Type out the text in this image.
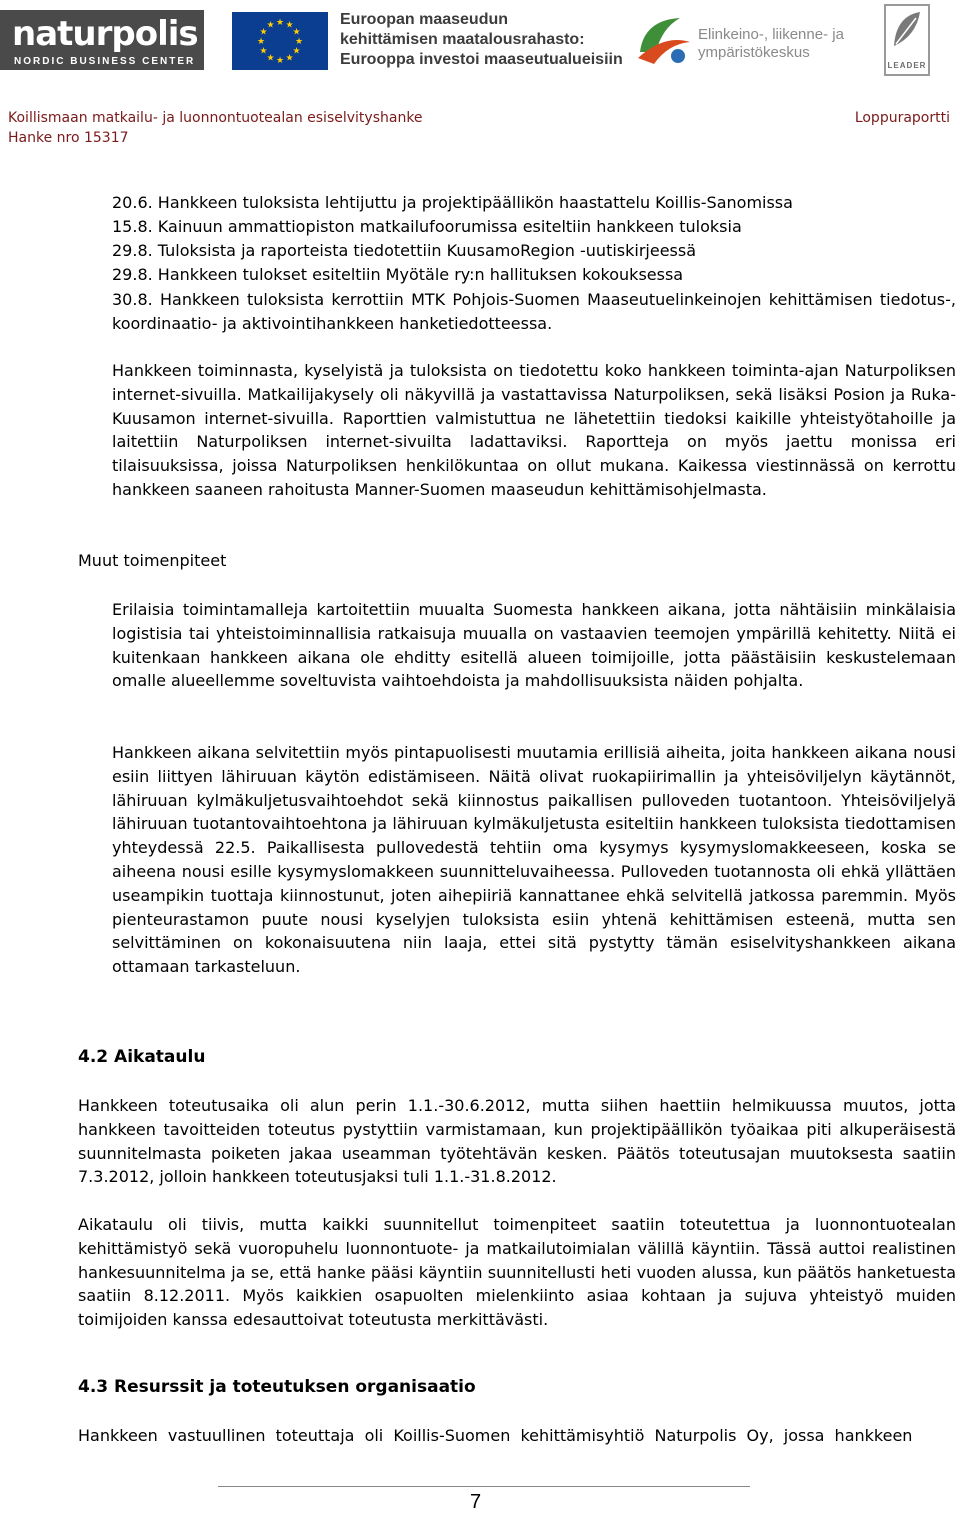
naturpolis
NORDIC BUSINESS CENTER
★ ★
★
★
★
★
★
★
★
★
★
★	Euroopan maaseudun
kehittämisen maatalousrahasto:
Eurooppa investoi maaseutualueisiin
Elinkeino-, liikenne- ja
ympäristökeskus
LEADER
Koillismaan matkailu- ja luonnontuotealan esiselvityshanke
Hanke nro 15317
Loppuraportti
20.6. Hankkeen tuloksista lehtijuttu ja projektipäällikön haastattelu Koillis-Sanomissa
15.8. Kainuun ammattiopiston matkailufoorumissa esiteltiin hankkeen tuloksia
29.8. Tuloksista ja raporteista tiedotettiin KuusamoRegion -uutiskirjeessä
29.8. Hankkeen tulokset esiteltiin Myötäle ry:n hallituksen kokouksessa
30.8. Hankkeen tuloksista kerrottiin MTK Pohjois-Suomen Maaseutuelinkeinojen kehittämisen tiedotus-, koordinaatio- ja aktivointihankkeen hanketiedotteessa.
Hankkeen toiminnasta, kyselyistä ja tuloksista on tiedotettu koko hankkeen toiminta-ajan Naturpoliksen internet-sivuilla. Matkailijakysely oli näkyvillä ja vastattavissa Naturpoliksen, sekä lisäksi Posion ja Ruka-Kuusamon internet-sivuilla. Raporttien valmistuttua ne lähetettiin tiedoksi kaikille yhteistyötahoille ja laitettiin Naturpoliksen internet-sivuilta ladattaviksi. Raportteja on myös jaettu monissa eri tilaisuuksissa, joissa Naturpoliksen henkilökuntaa on ollut mukana. Kaikessa viestinnässä on kerrottu hankkeen saaneen rahoitusta Manner-Suomen maaseudun kehittämisohjelmasta.
Muut toimenpiteet
Erilaisia toimintamalleja kartoitettiin muualta Suomesta hankkeen aikana, jotta nähtäisiin minkälaisia logistisia tai yhteistoiminnallisia ratkaisuja muualla on vastaavien teemojen ympärillä kehitetty. Niitä ei kuitenkaan hankkeen aikana ole ehditty esitellä alueen toimijoille, jotta päästäisiin keskustelemaan omalle alueellemme soveltuvista vaihtoehdoista ja mahdollisuuksista näiden pohjalta.
Hankkeen aikana selvitettiin myös pintapuolisesti muutamia erillisiä aiheita, joita hankkeen aikana nousi esiin liittyen lähiruuan käytön edistämiseen. Näitä olivat ruokapiirimallin ja yhteisöviljelyn käytännöt, lähiruuan kylmäkuljetusvaihtoehdot sekä kiinnostus paikallisen pulloveden tuotantoon. Yhteisöviljelyä lähiruuan tuotantovaihtoehtona ja lähiruuan kylmäkuljetusta esiteltiin hankkeen tuloksista tiedottamisen yhteydessä 22.5. Paikallisesta pullovedestä tehtiin oma kysymys kysymyslomakkeeseen, koska se aiheena nousi esille kysymyslomakkeen suunnitteluvaiheessa. Pulloveden tuotannosta oli ehkä yllättäen useampikin tuottaja kiinnostunut, joten aihepiiriä kannattanee ehkä selvitellä jatkossa paremmin. Myös pienteurastamon puute nousi kyselyjen tuloksista esiin yhtenä kehittämisen esteenä, mutta sen selvittäminen on kokonaisuutena niin laaja, ettei sitä pystytty tämän esiselvityshankkeen aikana ottamaan tarkasteluun.
4.2 Aikataulu
Hankkeen toteutusaika oli alun perin 1.1.-30.6.2012, mutta siihen haettiin helmikuussa muutos, jotta hankkeen tavoitteiden toteutus pystyttiin varmistamaan, kun projektipäällikön työaikaa piti alkuperäisestä suunnitelmasta poiketen jakaa useamman työtehtävän kesken. Päätös toteutusajan muutoksesta saatiin 7.3.2012, jolloin hankkeen toteutusjaksi tuli 1.1.-31.8.2012.
Aikataulu oli tiivis, mutta kaikki suunnitellut toimenpiteet saatiin toteutettua ja luonnontuotealan kehittämistyö sekä vuoropuhelu luonnontuote- ja matkailutoimialan välillä käyntiin. Tässä auttoi realistinen hankesuunnitelma ja se, että hanke pääsi käyntiin suunnitellusti heti vuoden alussa, kun päätös hanketuesta saatiin 8.12.2011. Myös kaikkien osapuolten mielenkiinto asiaa kohtaan ja sujuva yhteistyö muiden toimijoiden kanssa edesauttoivat toteutusta merkittävästi.
4.3 Resurssit ja toteutuksen organisaatio
Hankkeen vastuullinen toteuttaja oli Koillis-Suomen kehittämisyhtiö Naturpolis Oy, jossa hankkeen
7
